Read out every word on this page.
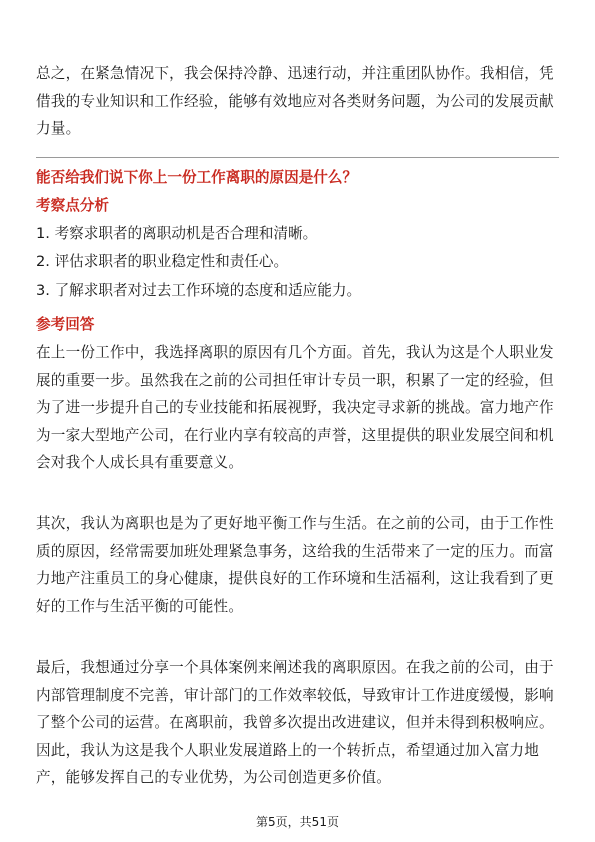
总之，在紧急情况下，我会保持冷静、迅速行动，并注重团队协作。我相信，凭借我的专业知识和工作经验，能够有效地应对各类财务问题，为公司的发展贡献力量。

能否给我们说下你上一份工作离职的原因是什么？

考察点分析

1. 考察求职者的离职动机是否合理和清晰。

2. 评估求职者的职业稳定性和责任心。

3. 了解求职者对过去工作环境的态度和适应能力。

参考回答

在上一份工作中，我选择离职的原因有几个方面。首先，我认为这是个人职业发展的重要一步。虽然我在之前的公司担任审计专员一职，积累了一定的经验，但为了进一步提升自己的专业技能和拓展视野，我决定寻求新的挑战。富力地产作为一家大型地产公司，在行业内享有较高的声誉，这里提供的职业发展空间和机会对我个人成长具有重要意义。

其次，我认为离职也是为了更好地平衡工作与生活。在之前的公司，由于工作性质的原因，经常需要加班处理紧急事务，这给我的生活带来了一定的压力。而富力地产注重员工的身心健康，提供良好的工作环境和生活福利，这让我看到了更好的工作与生活平衡的可能性。

最后，我想通过分享一个具体案例来阐述我的离职原因。在我之前的公司，由于内部管理制度不完善，审计部门的工作效率较低，导致审计工作进度缓慢，影响了整个公司的运营。在离职前，我曾多次提出改进建议，但并未得到积极响应。因此，我认为这是我个人职业发展道路上的一个转折点，希望通过加入富力地产，能够发挥自己的专业优势，为公司创造更多价值。

第5页，共51页
